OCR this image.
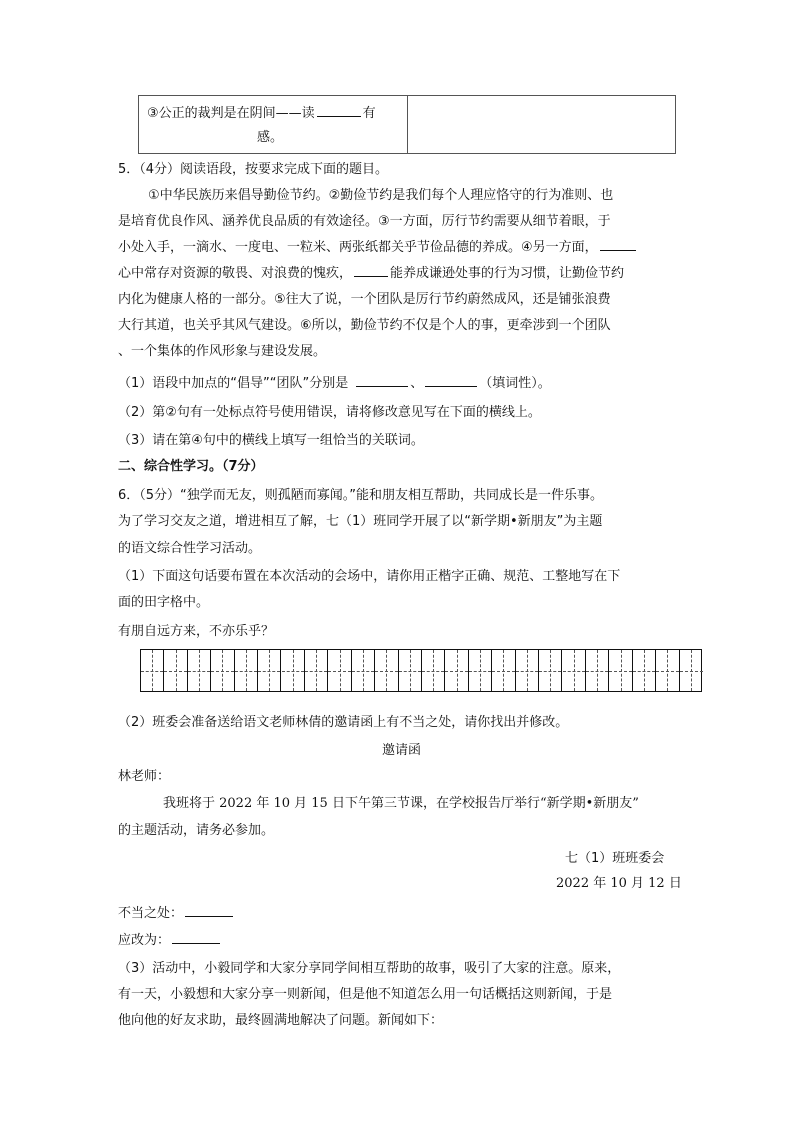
③公正的裁判是在阴间——读	有
感。
5．（4分）阅读语段，按要求完成下面的题目。
①中华民族历来倡导勤俭节约。②勤俭节约是我们每个人理应恪守的行为准则、也
是培育优良作风、涵养优良品质的有效途径。③一方面，厉行节约需要从细节着眼，于
小处入手，一滴水、一度电、一粒米、两张纸都关乎节俭品德的养成。④另一方面，
心中常存对资源的敬畏、对浪费的愧疚，	能养成谦逊处事的行为习惯，让勤俭节约
内化为健康人格的一部分。⑤往大了说，一个团队是厉行节约蔚然成风，还是铺张浪费
大行其道，也关乎其风气建设。⑥所以，勤俭节约不仅是个人的事，更牵涉到一个团队
、一个集体的作风形象与建设发展。
（1）语段中加点的“倡导”“团队”分别是	、	（填词性）。
（2）第②句有一处标点符号使用错误，请将修改意见写在下面的横线上。
（3）请在第④句中的横线上填写一组恰当的关联词。
二、综合性学习。（7分）
6．（5分）“独学而无友，则孤陋而寡闻。”能和朋友相互帮助，共同成长是一件乐事。
为了学习交友之道，增进相互了解，七（1）班同学开展了以“新学期•新朋友”为主题
的语文综合性学习活动。
（1）下面这句话要布置在本次活动的会场中，请你用正楷字正确、规范、工整地写在下
面的田字格中。
有朋自远方来，不亦乐乎？
（2）班委会准备送给语文老师林倩的邀请函上有不当之处，请你找出并修改。
邀请函
林老师：
我班将于 2022 年 10 月 15 日下午第三节课，在学校报告厅举行“新学期•新朋友”
的主题活动，请务必参加。
七（1）班班委会
2022 年 10 月 12 日
不当之处：
应改为：
（3）活动中，小毅同学和大家分享同学间相互帮助的故事，吸引了大家的注意。原来，
有一天，小毅想和大家分享一则新闻，但是他不知道怎么用一句话概括这则新闻，于是
他向他的好友求助，最终圆满地解决了问题。新闻如下：
